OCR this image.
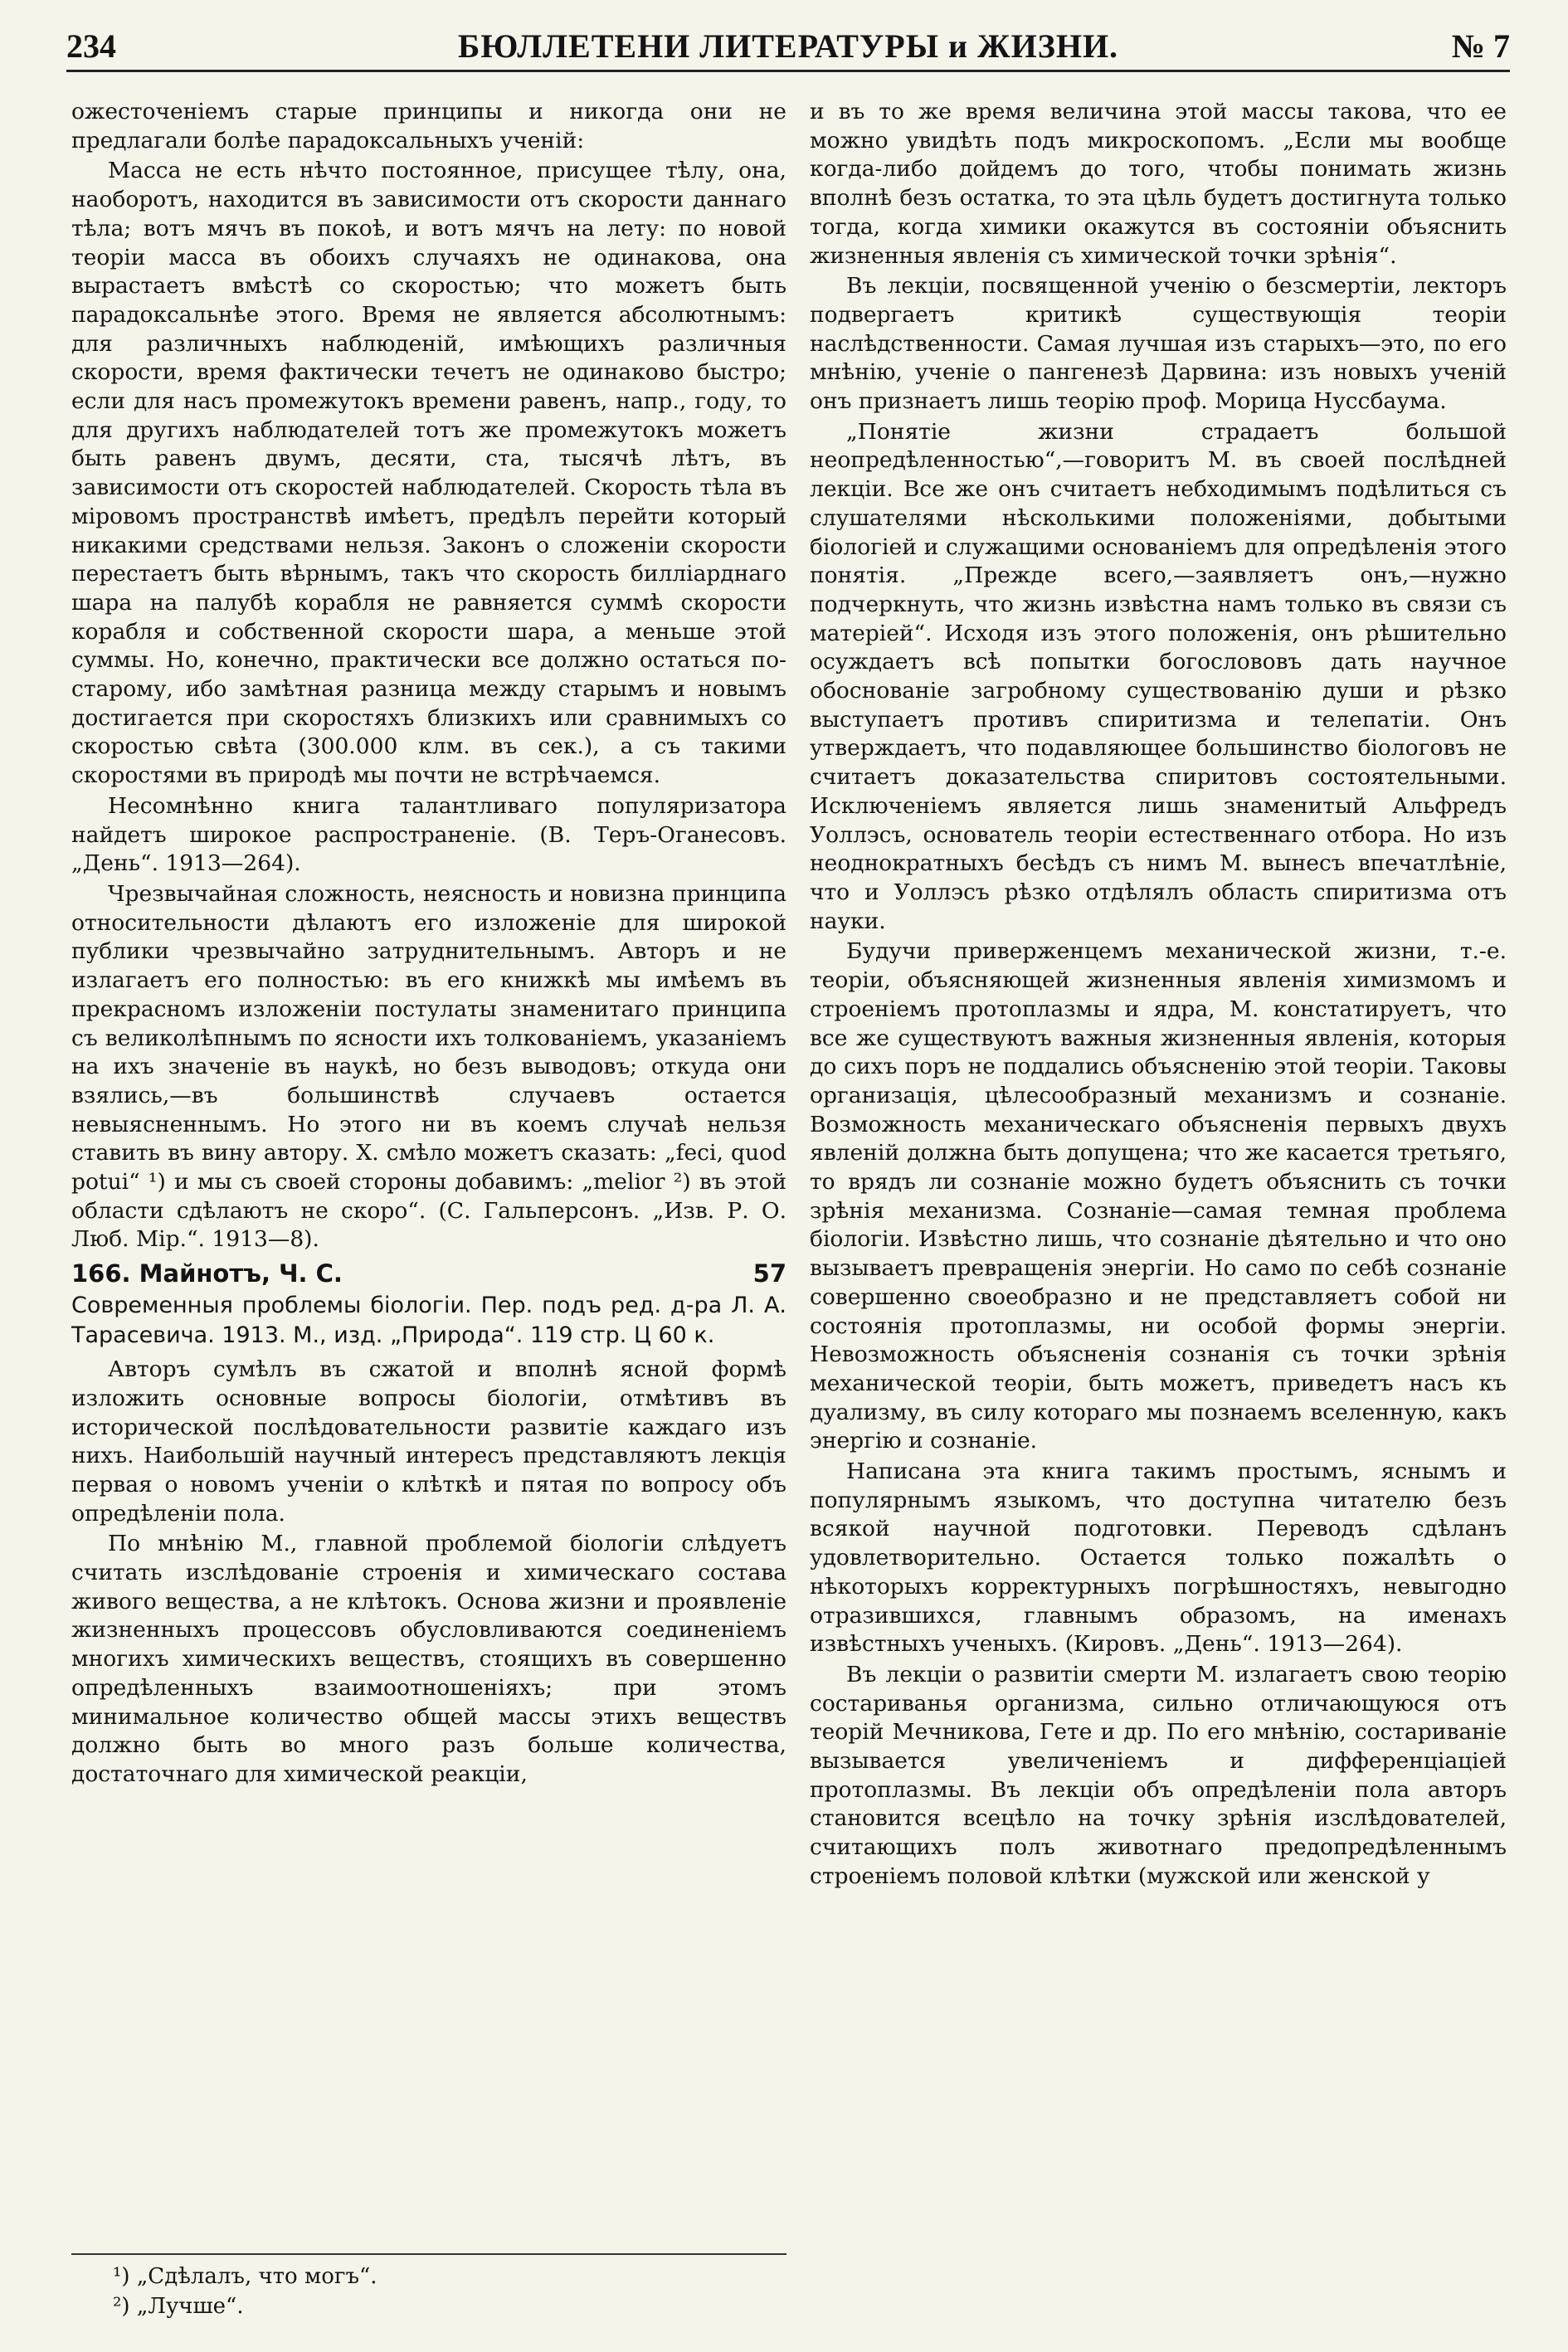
234	БЮЛЛЕТЕНИ ЛИТЕРАТУРЫ и ЖИЗНИ.	№ 7

ожесточенiемъ старые принципы и никогда они не предлагали болѣе парадоксальныхъ ученiй:

Масса не есть нѣчто постоянное, присущее тѣлу, она, наоборотъ, находится въ зависимости отъ скорости даннаго тѣла; вотъ мячъ въ покоѣ, и вотъ мячъ на лету: по новой теорiи масса въ обоихъ случаяхъ не одинакова, она вырастаетъ вмѣстѣ со скоростью; что можетъ быть парадоксальнѣе этого. Время не является абсолютнымъ: для различныхъ наблюденiй, имѣющихъ различныя скорости, время фактически течетъ не одинаково быстро; если для насъ промежутокъ времени равенъ, напр., году, то для другихъ наблюдателей тотъ же промежутокъ можетъ быть равенъ двумъ, десяти, ста, тысячѣ лѣтъ, въ зависимости отъ скоростей наблюдателей. Скорость тѣла въ мiровомъ пространствѣ имѣетъ, предѣлъ перейти который никакими средствами нельзя. Законъ о сложенiи скорости перестаетъ быть вѣрнымъ, такъ что скорость билліарднаго шара на палубѣ корабля не равняется суммѣ скорости корабля и собственной скорости шара, а меньше этой суммы. Но, конечно, практически все должно остаться по-старому, ибо замѣтная разница между старымъ и новымъ достигается при скоростяхъ близкихъ или сравнимыхъ со скоростью свѣта (300.000 клм. въ сек.), а съ такими скоростями въ природѣ мы почти не встрѣчаемся.

Несомнѣнно книга талантливаго популяризатора найдетъ широкое распространенiе. (В. Теръ-Оганесовъ. „День“. 1913—264).

Чрезвычайная сложность, неясность и новизна принципа относительности дѣлаютъ его изложенiе для широкой публики чрезвычайно затруднительнымъ. Авторъ и не излагаетъ его полностью: въ его книжкѣ мы имѣемъ въ прекрасномъ изложенiи постулаты знаменитаго принципа съ великолѣпнымъ по ясности ихъ толкованiемъ, указанiемъ на ихъ значенiе въ наукѣ, но безъ выводовъ; откуда они взялись,—въ большинствѣ случаевъ остается невыясненнымъ. Но этого ни въ коемъ случаѣ нельзя ставить въ вину автору. Х. смѣло можетъ сказать: „feci, quod potui“ ¹) и мы съ своей стороны добавимъ: „melior ²) въ этой области сдѣлаютъ не скоро“. (С. Гальперсонъ. „Изв. Р. О. Люб. Мiр.“. 1913—8).

166. Майнотъ, Ч. С.	57
Современныя проблемы бiологiи. Пер. подъ ред. д-ра Л. А. Тарасевича. 1913. М., изд. „Природа“. 119 стр. Ц 60 к.

Авторъ сумѣлъ въ сжатой и вполнѣ ясной формѣ изложить основные вопросы бiологiи, отмѣтивъ въ исторической послѣдовательности развитiе каждаго изъ нихъ. Наибольшiй научный интересъ представляютъ лекцiя первая о новомъ ученiи о клѣткѣ и пятая по вопросу объ опредѣленiи пола.

По мнѣнiю М., главной проблемой бiологiи слѣдуетъ считать изслѣдованiе строенiя и химическаго состава живого вещества, а не клѣтокъ. Основа жизни и проявленiе жизненныхъ процессовъ обусловливаются соединенiемъ многихъ химическихъ веществъ, стоящихъ въ совершенно опредѣленныхъ взаимоотношенiяхъ; при этомъ минимальное количество общей массы этихъ веществъ должно быть во много разъ больше количества, достаточнаго для химической реакцiи,

и въ то же время величина этой массы такова, что ее можно увидѣть подъ микроскопомъ. „Если мы вообще когда-либо дойдемъ до того, чтобы понимать жизнь вполнѣ безъ остатка, то эта цѣль будетъ достигнута только тогда, когда химики окажутся въ состоянiи объяснить жизненныя явленiя съ химической точки зрѣнiя“.

Въ лекцiи, посвященной ученiю о безсмертiи, лекторъ подвергаетъ критикѣ существующiя теорiи наслѣдственности. Самая лучшая изъ старыхъ—это, по его мнѣнiю, ученiе о пангенезѣ Дарвина: изъ новыхъ ученiй онъ признаетъ лишь теорiю проф. Морица Нуссбаума.

„Понятiе жизни страдаетъ большой неопредѣленностью“,—говоритъ М. въ своей послѣдней лекцiи. Все же онъ считаетъ небходимымъ подѣлиться съ слушателями нѣсколькими положенiями, добытыми бiологiей и служащими основанiемъ для опредѣленiя этого понятiя. „Прежде всего,—заявляетъ онъ,—нужно подчеркнуть, что жизнь извѣстна намъ только въ связи съ матерiей“. Исходя изъ этого положенiя, онъ рѣшительно осуждаетъ всѣ попытки богослововъ дать научное обоснованiе загробному существованiю души и рѣзко выступаетъ противъ спиритизма и телепатiи. Онъ утверждаетъ, что подавляющее большинство бiологовъ не считаетъ доказательства спиритовъ состоятельными. Исключенiемъ является лишь знаменитый Альфредъ Уоллэсъ, основатель теорiи естественнаго отбора. Но изъ неоднократныхъ бесѣдъ съ нимъ М. вынесъ впечатлѣнiе, что и Уоллэсъ рѣзко отдѣлялъ область спиритизма отъ науки.

Будучи приверженцемъ механической жизни, т.-е. теорiи, объясняющей жизненныя явленiя химизмомъ и строенiемъ протоплазмы и ядра, М. констатируетъ, что все же существуютъ важныя жизненныя явленiя, которыя до сихъ поръ не поддались объясненiю этой теорiи. Таковы организацiя, цѣлесообразный механизмъ и сознанiе. Возможность механическаго объясненiя первыхъ двухъ явленiй должна быть допущена; что же касается третьяго, то врядъ ли сознанiе можно будетъ объяснить съ точки зрѣнiя механизма. Сознанiе—самая темная проблема бiологiи. Извѣстно лишь, что сознанiе дѣятельно и что оно вызываетъ превращенiя энергiи. Но само по себѣ сознанiе совершенно своеобразно и не представляетъ собой ни состоянiя протоплазмы, ни особой формы энергiи. Невозможность объясненiя сознанiя съ точки зрѣнiя механической теорiи, быть можетъ, приведетъ насъ къ дуализму, въ силу котораго мы познаемъ вселенную, какъ энергiю и сознанiе.

Написана эта книга такимъ простымъ, яснымъ и популярнымъ языкомъ, что доступна читателю безъ всякой научной подготовки. Переводъ сдѣланъ удовлетворительно. Остается только пожалѣть о нѣкоторыхъ корректурныхъ погрѣшностяхъ, невыгодно отразившихся, главнымъ образомъ, на именахъ извѣстныхъ ученыхъ. (Кировъ. „День“. 1913—264).

Въ лекцiи о развитiи смерти М. излагаетъ свою теорiю состариванья организма, сильно отличающуюся отъ теорiй Мечникова, Гете и др. По его мнѣнiю, состариванiе вызывается увеличенiемъ и дифференцiацiей протоплазмы. Въ лекцiи объ опредѣленiи пола авторъ становится всецѣло на точку зрѣнiя изслѣдователей, считающихъ полъ животнаго предопредѣленнымъ строенiемъ половой клѣтки (мужской или женской у

¹) „Сдѣлалъ, что могъ“.
²) „Лучше“.
